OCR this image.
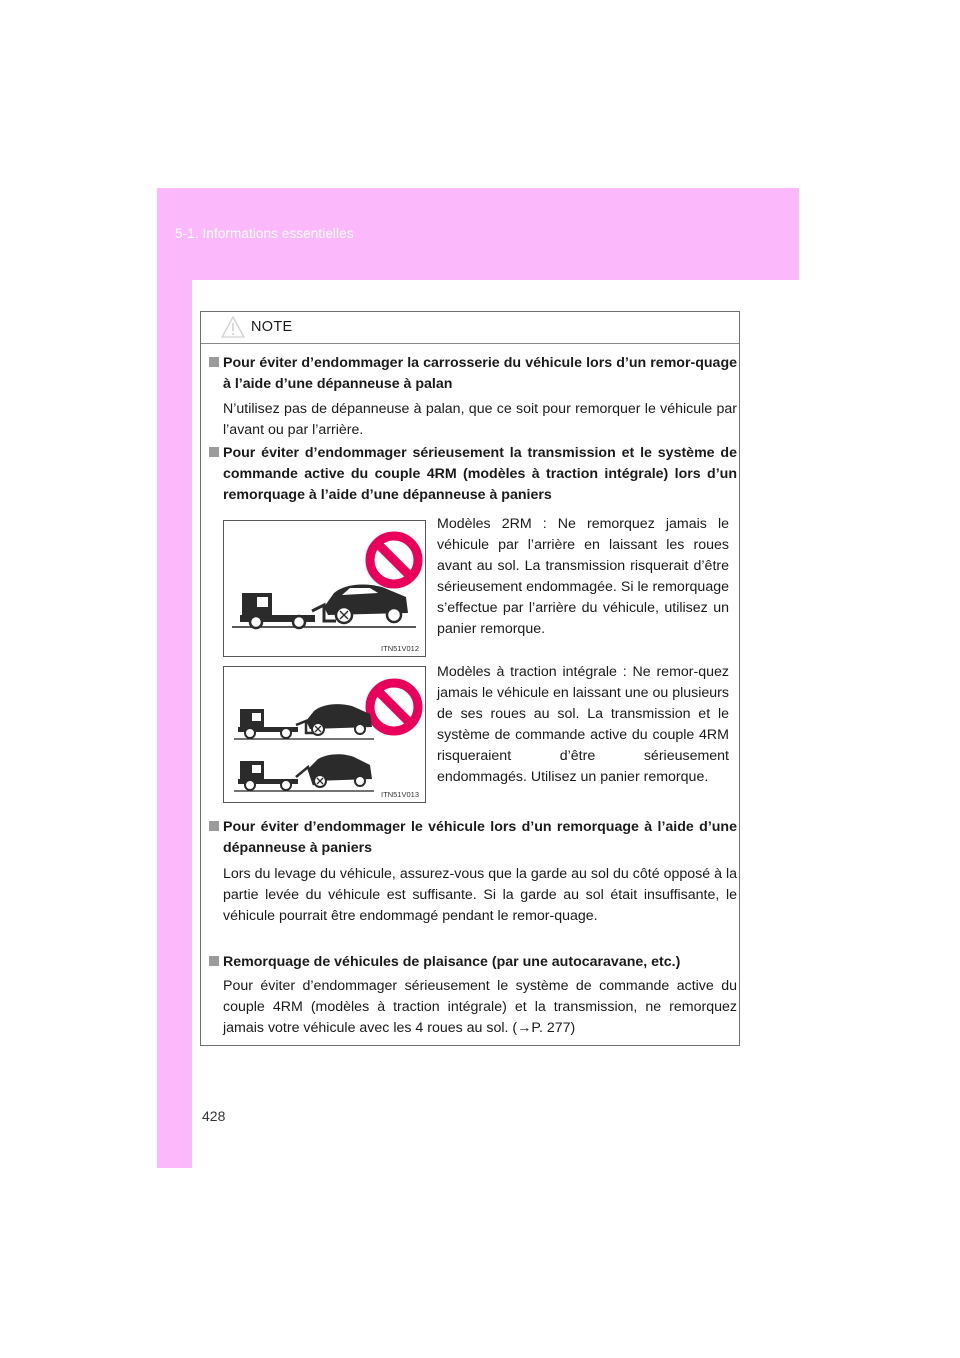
5-1. Informations essentielles
NOTE
Pour éviter d’endommager la carrosserie du véhicule lors d’un remor-quage à l’aide d’une dépanneuse à palan
N’utilisez pas de dépanneuse à palan, que ce soit pour remorquer le véhicule par l’avant ou par l’arrière.
Pour éviter d’endommager sérieusement la transmission et le système de commande active du couple 4RM (modèles à traction intégrale) lors d’un remorquage à l’aide d’une dépanneuse à paniers
ITN51V012
Modèles 2RM : Ne remorquez jamais le véhicule par l’arrière en laissant les roues avant au sol. La transmission risquerait d’être sérieusement endommagée. Si le remorquage s’effectue par l’arrière du véhicule, utilisez un panier remorque.
ITN51V013
Modèles à traction intégrale : Ne remor-quez jamais le véhicule en laissant une ou plusieurs de ses roues au sol. La transmission et le système de commande active du couple 4RM risqueraient d’être sérieusement endommagés. Utilisez un panier remorque.
Pour éviter d’endommager le véhicule lors d’un remorquage à l’aide d’une dépanneuse à paniers
Lors du levage du véhicule, assurez-vous que la garde au sol du côté opposé à la partie levée du véhicule est suffisante. Si la garde au sol était insuffisante, le véhicule pourrait être endommagé pendant le remor-quage.
Remorquage de véhicules de plaisance (par une autocaravane, etc.)
Pour éviter d’endommager sérieusement le système de commande active du couple 4RM (modèles à traction intégrale) et la transmission, ne remorquez jamais votre véhicule avec les 4 roues au sol. (→P. 277)
428
